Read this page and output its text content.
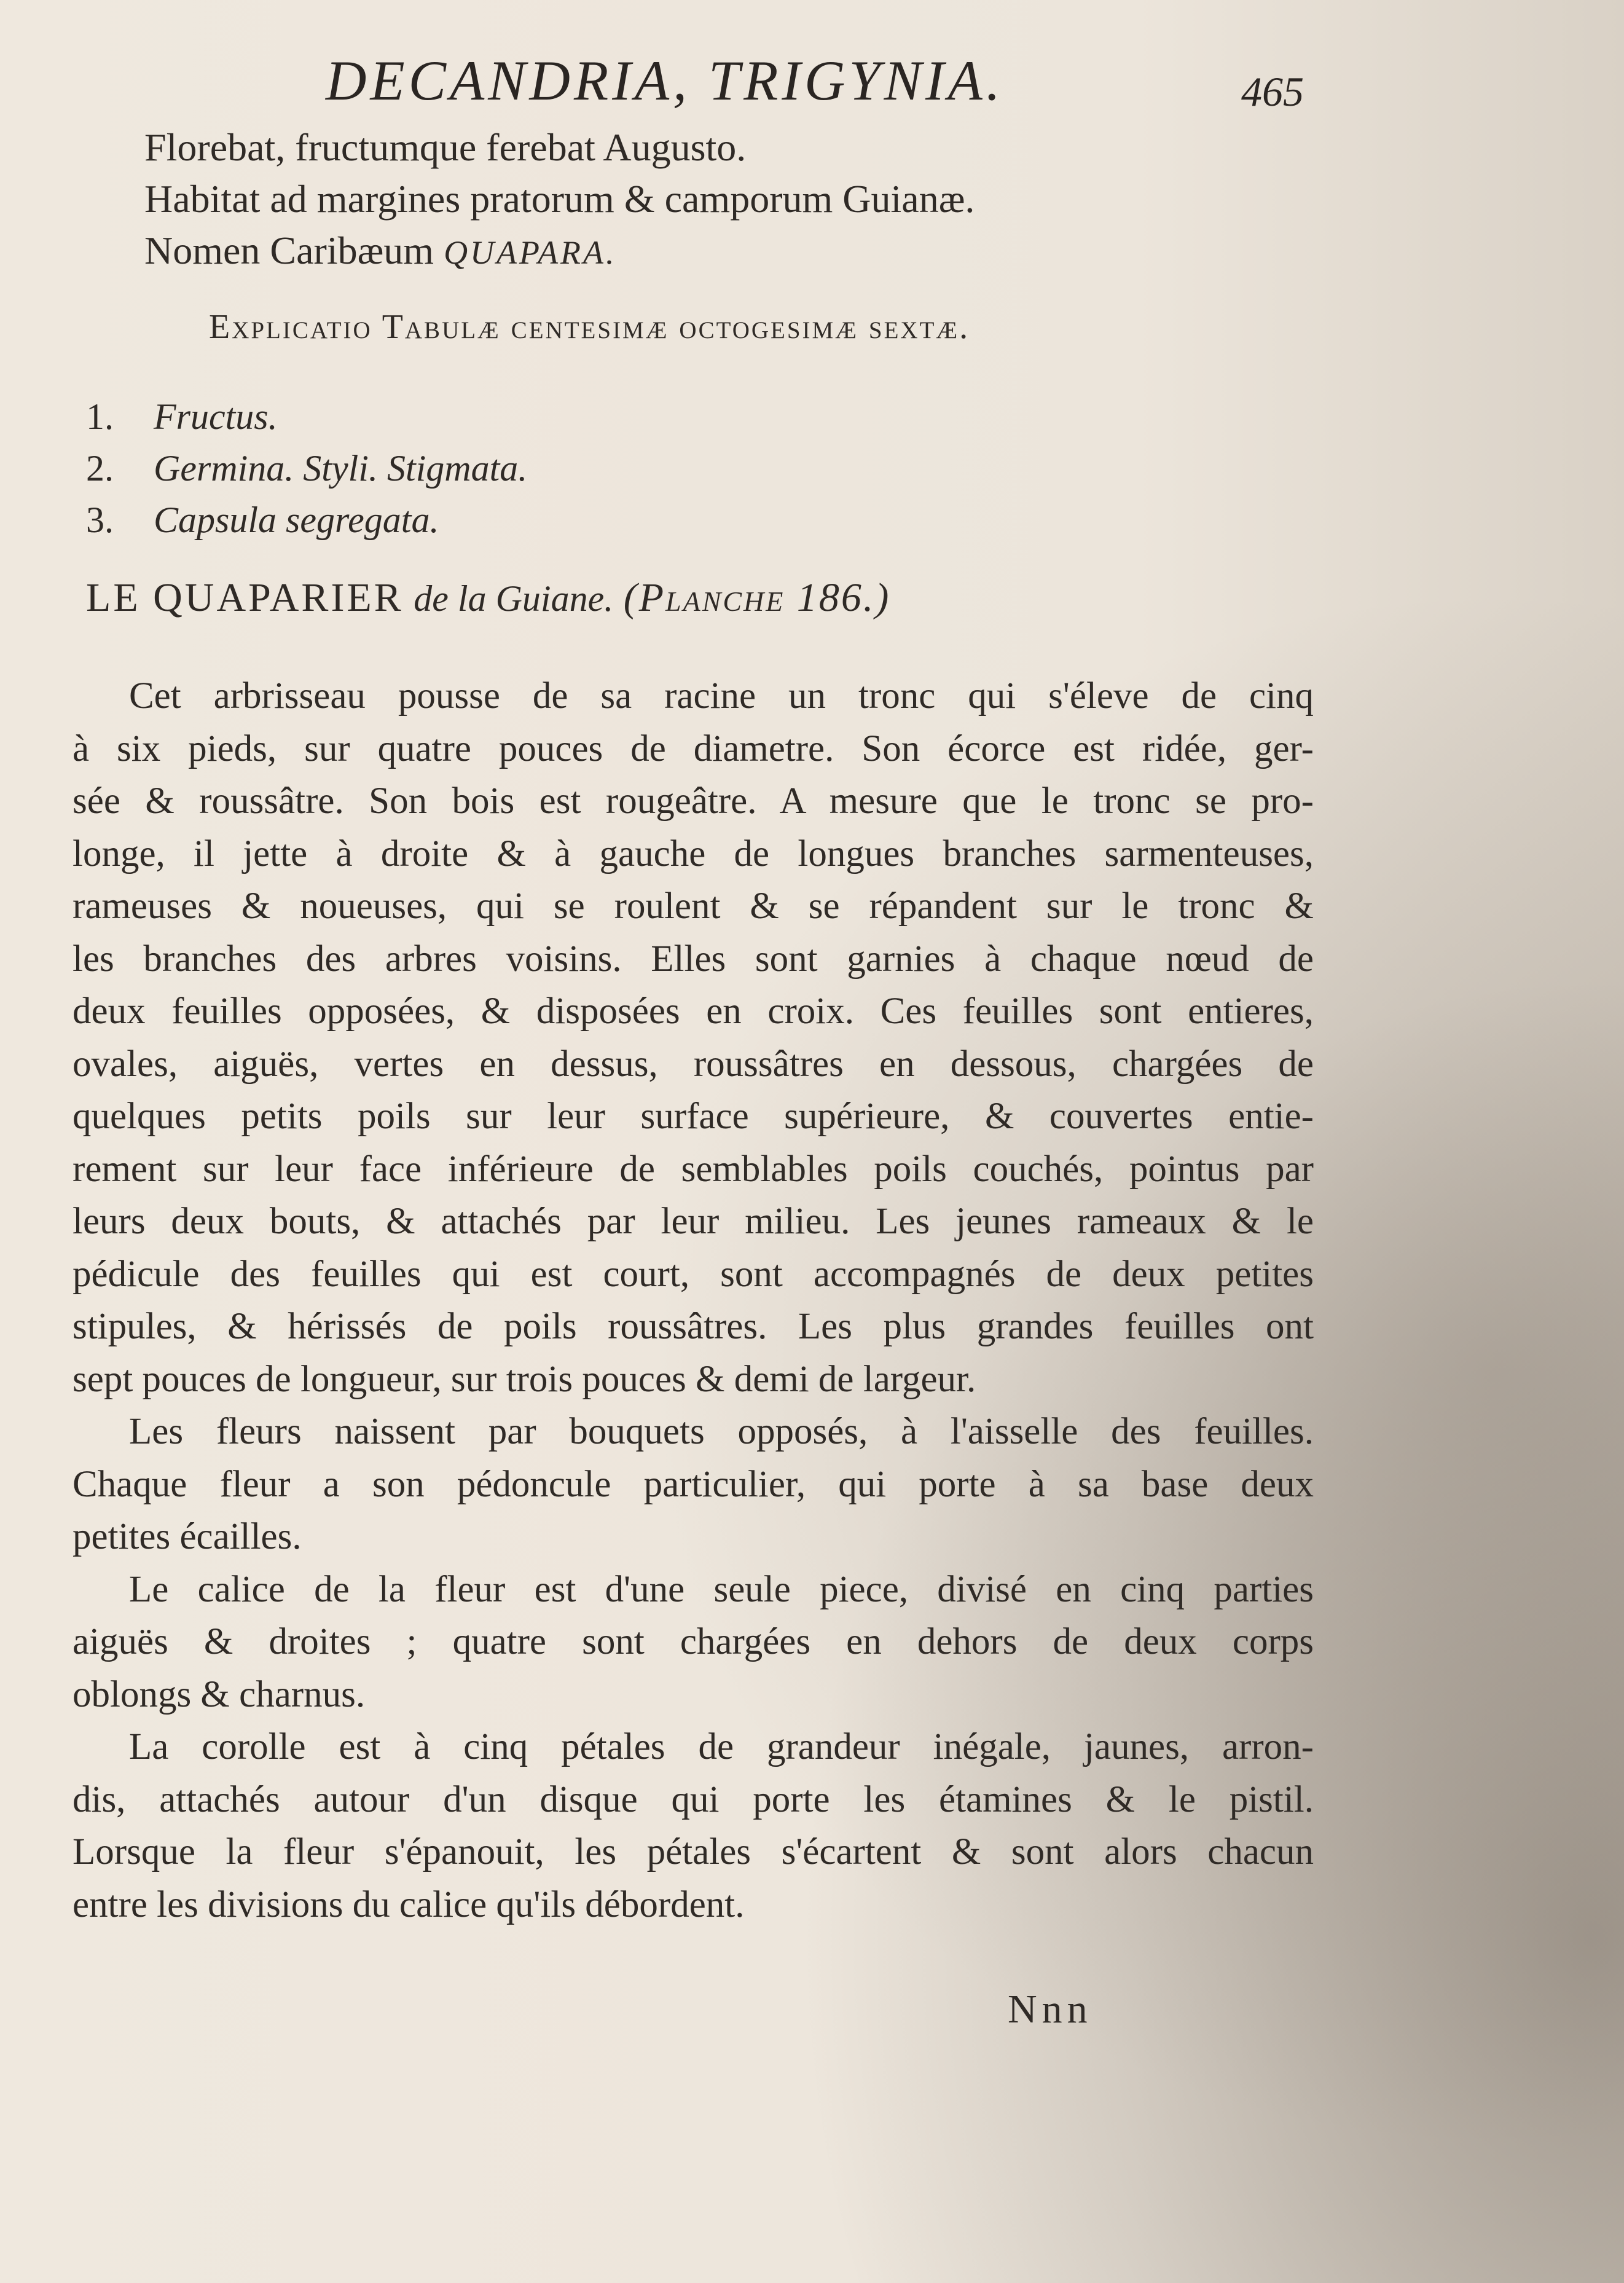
DECANDRIA, TRIGYNIA.	465
Florebat, fructumque ferebat Augusto.
Habitat ad margines pratorum & camporum Guianæ.
Nomen Caribæum QUAPARA.
Explicatio Tabulæ centesimæ octogesimæ sextæ.
1. Fructus.
2. Germina. Styli. Stigmata.
3. Capsula segregata.
LE QUAPARIER de la Guiane. (Planche 186.)
Cet arbrisseau pousse de sa racine un tronc qui s'éleve de cinq
à six pieds, sur quatre pouces de diametre. Son écorce est ridée, ger-
sée & roussâtre. Son bois est rougeâtre. A mesure que le tronc se pro-
longe, il jette à droite & à gauche de longues branches sarmenteuses,
rameuses & noueuses, qui se roulent & se répandent sur le tronc &
les branches des arbres voisins. Elles sont garnies à chaque nœud de
deux feuilles opposées, & disposées en croix. Ces feuilles sont entieres,
ovales, aiguës, vertes en dessus, roussâtres en dessous, chargées de
quelques petits poils sur leur surface supérieure, & couvertes entie-
rement sur leur face inférieure de semblables poils couchés, pointus par
leurs deux bouts, & attachés par leur milieu. Les jeunes rameaux & le
pédicule des feuilles qui est court, sont accompagnés de deux petites
stipules, & hérissés de poils roussâtres. Les plus grandes feuilles ont
sept pouces de longueur, sur trois pouces & demi de largeur.
Les fleurs naissent par bouquets opposés, à l'aisselle des feuilles.
Chaque fleur a son pédoncule particulier, qui porte à sa base deux
petites écailles.
Le calice de la fleur est d'une seule piece, divisé en cinq parties
aiguës & droites ; quatre sont chargées en dehors de deux corps
oblongs & charnus.
La corolle est à cinq pétales de grandeur inégale, jaunes, arron-
dis, attachés autour d'un disque qui porte les étamines & le pistil.
Lorsque la fleur s'épanouit, les pétales s'écartent & sont alors chacun
entre les divisions du calice qu'ils débordent.
Nnn
